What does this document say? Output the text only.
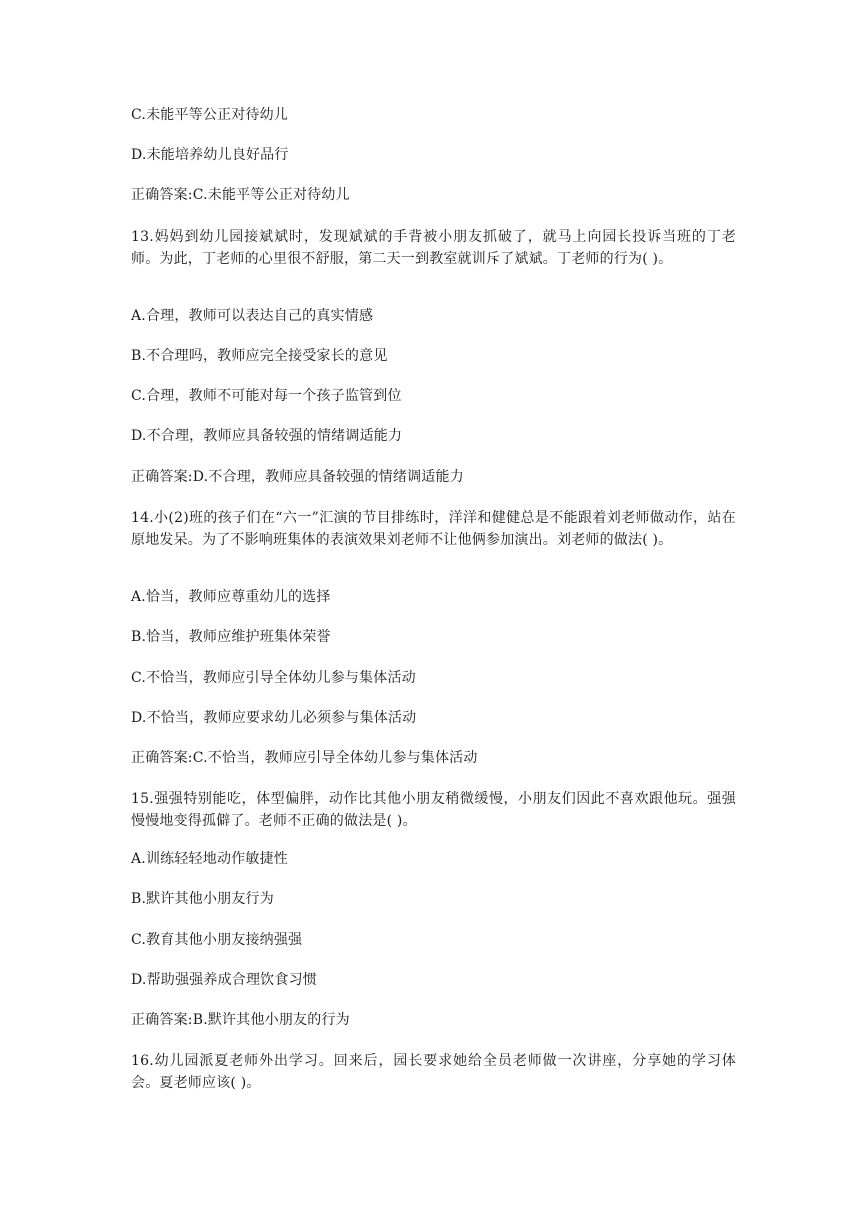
C.未能平等公正对待幼儿
D.未能培养幼儿良好品行
正确答案:C.未能平等公正对待幼儿
13.妈妈到幼儿园接斌斌时，发现斌斌的手背被小朋友抓破了，就马上向园长投诉当班的丁老师。为此，丁老师的心里很不舒服，第二天一到教室就训斥了斌斌。丁老师的行为( )。
A.合理，教师可以表达自己的真实情感
B.不合理吗，教师应完全接受家长的意见
C.合理，教师不可能对每一个孩子监管到位
D.不合理，教师应具备较强的情绪调适能力
正确答案:D.不合理，教师应具备较强的情绪调适能力
14.小(2)班的孩子们在“六一”汇演的节目排练时，洋洋和健健总是不能跟着刘老师做动作，站在原地发呆。为了不影响班集体的表演效果刘老师不让他俩参加演出。刘老师的做法( )。
A.恰当，教师应尊重幼儿的选择
B.恰当，教师应维护班集体荣誉
C.不恰当，教师应引导全体幼儿参与集体活动
D.不恰当，教师应要求幼儿必须参与集体活动
正确答案:C.不恰当，教师应引导全体幼儿参与集体活动
15.强强特别能吃，体型偏胖，动作比其他小朋友稍微缓慢，小朋友们因此不喜欢跟他玩。强强慢慢地变得孤僻了。老师不正确的做法是( )。
A.训练轻轻地动作敏捷性
B.默许其他小朋友行为
C.教育其他小朋友接纳强强
D.帮助强强养成合理饮食习惯
正确答案:B.默许其他小朋友的行为
16.幼儿园派夏老师外出学习。回来后，园长要求她给全员老师做一次讲座，分享她的学习体会。夏老师应该( )。
